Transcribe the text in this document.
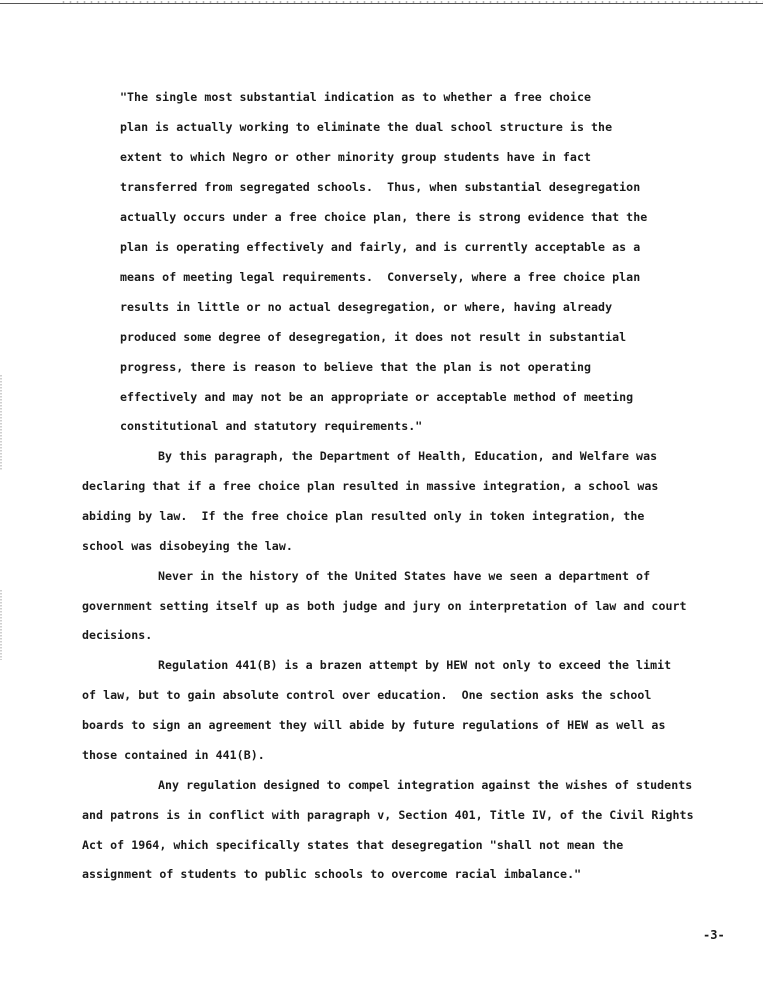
"The single most substantial indication as to whether a free choice
plan is actually working to eliminate the dual school structure is the
extent to which Negro or other minority group students have in fact
transferred from segregated schools.  Thus, when substantial desegregation
actually occurs under a free choice plan, there is strong evidence that the
plan is operating effectively and fairly, and is currently acceptable as a
means of meeting legal requirements.  Conversely, where a free choice plan
results in little or no actual desegregation, or where, having already
produced some degree of desegregation, it does not result in substantial
progress, there is reason to believe that the plan is not operating
effectively and may not be an appropriate or acceptable method of meeting
constitutional and statutory requirements."
By this paragraph, the Department of Health, Education, and Welfare was
declaring that if a free choice plan resulted in massive integration, a school was
abiding by law.  If the free choice plan resulted only in token integration, the
school was disobeying the law.
Never in the history of the United States have we seen a department of
government setting itself up as both judge and jury on interpretation of law and court
decisions.
Regulation 441(B) is a brazen attempt by HEW not only to exceed the limit
of law, but to gain absolute control over education.  One section asks the school
boards to sign an agreement they will abide by future regulations of HEW as well as
those contained in 441(B).
Any regulation designed to compel integration against the wishes of students
and patrons is in conflict with paragraph v, Section 401, Title IV, of the Civil Rights
Act of 1964, which specifically states that desegregation "shall not mean the
assignment of students to public schools to overcome racial imbalance."
-3-
